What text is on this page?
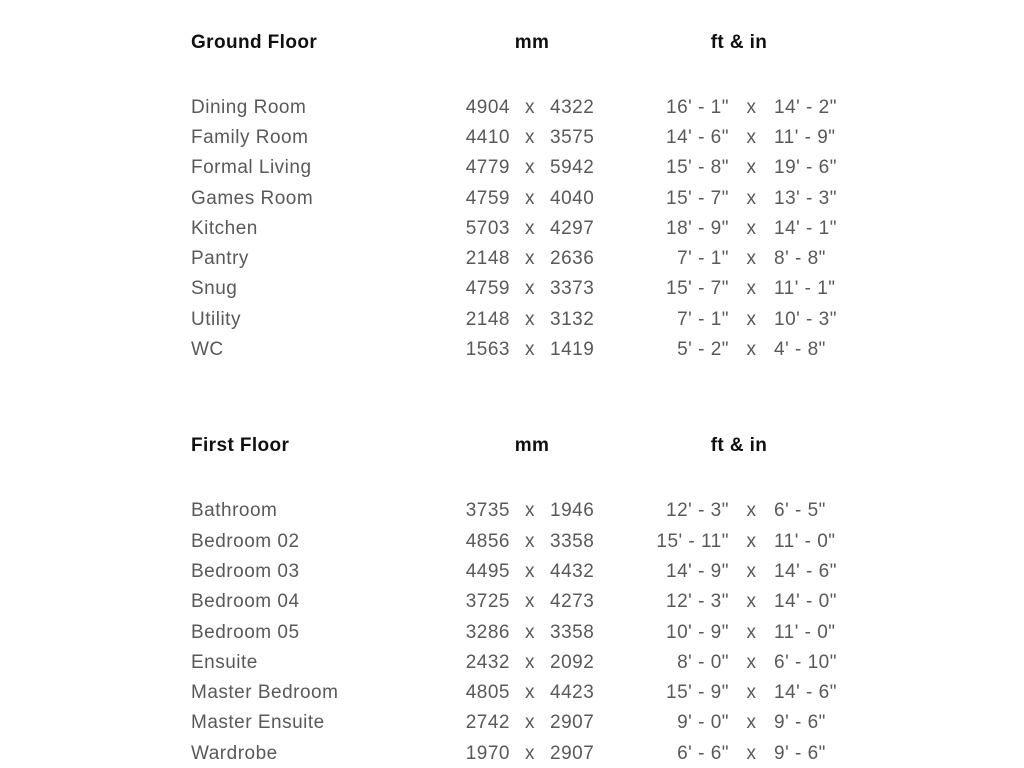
Ground Floor	mm	ft & in
Dining Room	4904 x 4322	16' - 1" x 14' - 2"
Family Room	4410 x 3575	14' - 6" x 11' - 9"
Formal Living	4779 x 5942	15' - 8" x 19' - 6"
Games Room	4759 x 4040	15' - 7" x 13' - 3"
Kitchen	5703 x 4297	18' - 9" x 14' - 1"
Pantry	2148 x 2636	7' - 1" x 8' - 8"
Snug	4759 x 3373	15' - 7" x 11' - 1"
Utility	2148 x 3132	7' - 1" x 10' - 3"
WC	1563 x 1419	5' - 2" x 4' - 8"
First Floor	mm	ft & in
Bathroom	3735 x 1946	12' - 3" x 6' - 5"
Bedroom 02	4856 x 3358	15' - 11" x 11' - 0"
Bedroom 03	4495 x 4432	14' - 9" x 14' - 6"
Bedroom 04	3725 x 4273	12' - 3" x 14' - 0"
Bedroom 05	3286 x 3358	10' - 9" x 11' - 0"
Ensuite	2432 x 2092	8' - 0" x 6' - 10"
Master Bedroom	4805 x 4423	15' - 9" x 14' - 6"
Master Ensuite	2742 x 2907	9' - 0" x 9' - 6"
Wardrobe	1970 x 2907	6' - 6" x 9' - 6"
